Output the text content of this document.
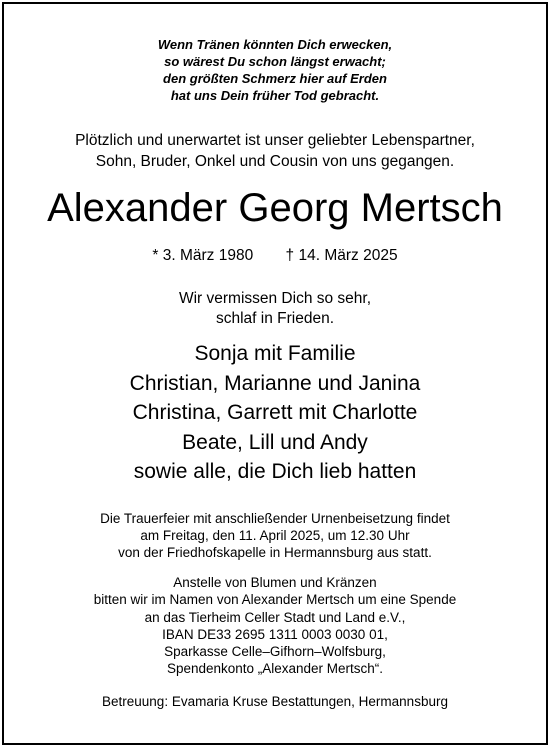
Wenn Tränen könnten Dich erwecken,
so wärest Du schon längst erwacht;
den größten Schmerz hier auf Erden
hat uns Dein früher Tod gebracht.
Plötzlich und unerwartet ist unser geliebter Lebenspartner,
Sohn, Bruder, Onkel und Cousin von uns gegangen.
Alexander Georg Mertsch
* 3. März 1980 † 14. März 2025
Wir vermissen Dich so sehr,
schlaf in Frieden.
Sonja mit Familie
Christian, Marianne und Janina
Christina, Garrett mit Charlotte
Beate, Lill und Andy
sowie alle, die Dich lieb hatten
Die Trauerfeier mit anschließender Urnenbeisetzung findet
am Freitag, den 11. April 2025, um 12.30 Uhr
von der Friedhofskapelle in Hermannsburg aus statt.
Anstelle von Blumen und Kränzen
bitten wir im Namen von Alexander Mertsch um eine Spende
an das Tierheim Celler Stadt und Land e.V.,
IBAN DE33 2695 1311 0003 0030 01,
Sparkasse Celle–Gifhorn–Wolfsburg,
Spendenkonto „Alexander Mertsch“.
Betreuung: Evamaria Kruse Bestattungen, Hermannsburg
